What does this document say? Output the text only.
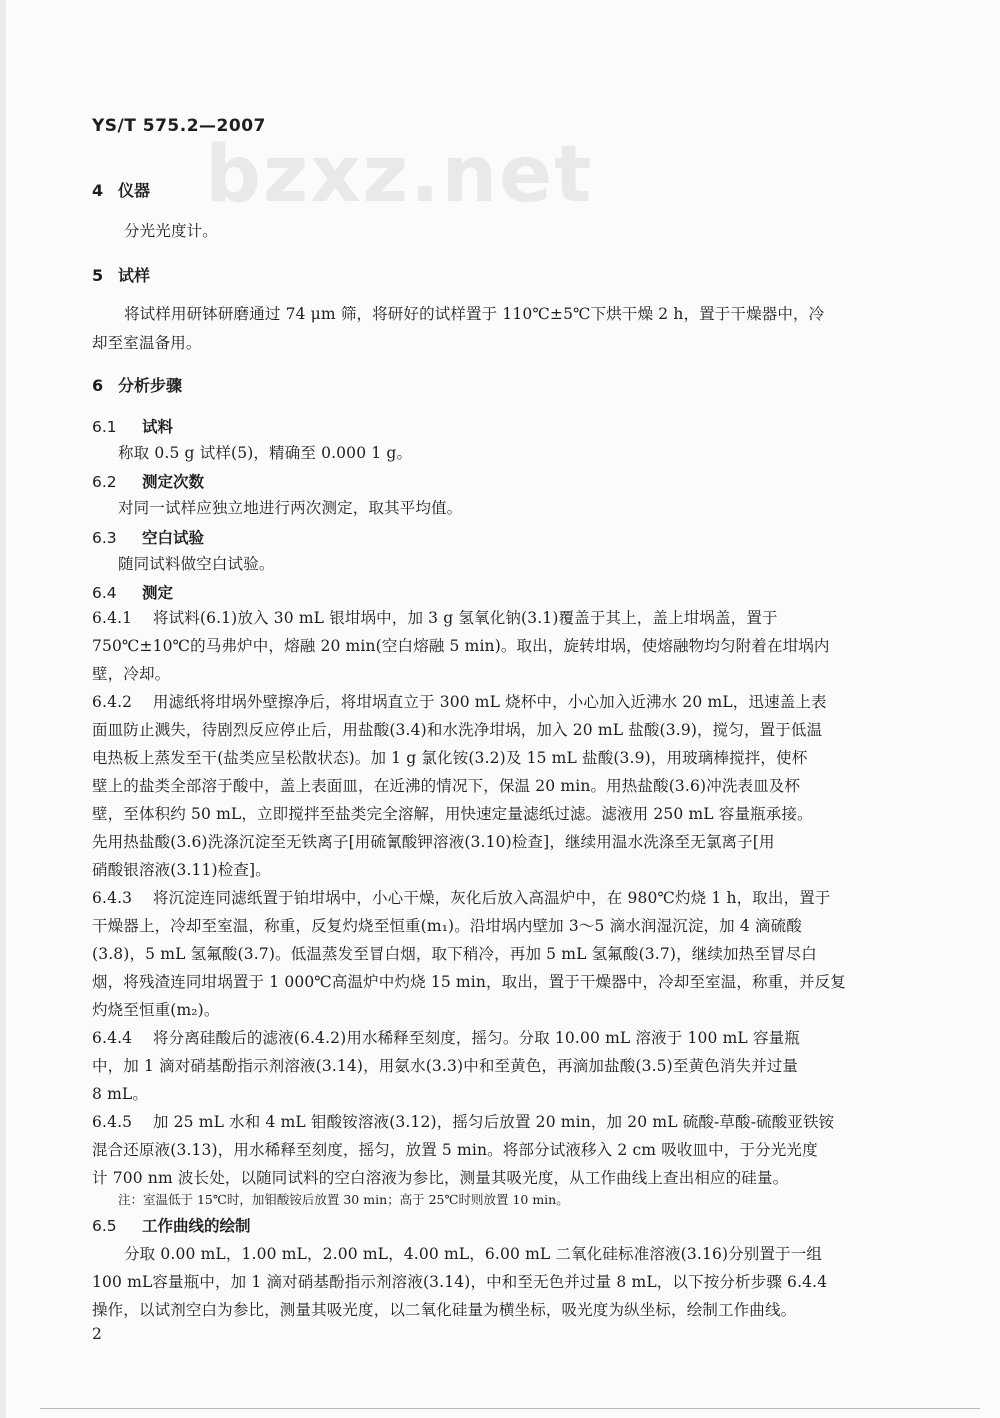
bzxz.net
YS/T 575.2—2007
4 仪器
分光光度计。
5 试样
将试样用研钵研磨通过 74 μm 筛，将研好的试样置于 110℃±5℃下烘干燥 2 h，置于干燥器中，冷
却至室温备用。
6 分析步骤
6.1 试料
称取 0.5 g 试样(5)，精确至 0.000 1 g。
6.2 测定次数
对同一试样应独立地进行两次测定，取其平均值。
6.3 空白试验
随同试料做空白试验。
6.4 测定
6.4.1　 将试料(6.1)放入 30 mL 银坩埚中，加 3 g 氢氧化钠(3.1)覆盖于其上，盖上坩埚盖，置于
750℃±10℃的马弗炉中，熔融 20 min(空白熔融 5 min)。取出，旋转坩埚，使熔融物均匀附着在坩埚内
壁，冷却。
6.4.2　 用滤纸将坩埚外壁擦净后，将坩埚直立于 300 mL 烧杯中，小心加入近沸水 20 mL，迅速盖上表
面皿防止溅失，待剧烈反应停止后，用盐酸(3.4)和水洗净坩埚，加入 20 mL 盐酸(3.9)，搅匀，置于低温
电热板上蒸发至干(盐类应呈松散状态)。加 1 g 氯化铵(3.2)及 15 mL 盐酸(3.9)，用玻璃棒搅拌，使杯
壁上的盐类全部溶于酸中，盖上表面皿，在近沸的情况下，保温 20 min。用热盐酸(3.6)冲洗表皿及杯
壁，至体积约 50 mL，立即搅拌至盐类完全溶解，用快速定量滤纸过滤。滤液用 250 mL 容量瓶承接。
先用热盐酸(3.6)洗涤沉淀至无铁离子[用硫氰酸钾溶液(3.10)检查]，继续用温水洗涤至无氯离子[用
硝酸银溶液(3.11)检查]。
6.4.3　 将沉淀连同滤纸置于铂坩埚中，小心干燥，灰化后放入高温炉中，在 980℃灼烧 1 h，取出，置于
干燥器上，冷却至室温，称重，反复灼烧至恒重(m₁)。沿坩埚内壁加 3～5 滴水润湿沉淀，加 4 滴硫酸
(3.8)，5 mL 氢氟酸(3.7)。低温蒸发至冒白烟，取下稍冷，再加 5 mL 氢氟酸(3.7)，继续加热至冒尽白
烟，将残渣连同坩埚置于 1 000℃高温炉中灼烧 15 min，取出，置于干燥器中，冷却至室温，称重，并反复
灼烧至恒重(m₂)。
6.4.4　 将分离硅酸后的滤液(6.4.2)用水稀释至刻度，摇匀。分取 10.00 mL 溶液于 100 mL 容量瓶
中，加 1 滴对硝基酚指示剂溶液(3.14)，用氨水(3.3)中和至黄色，再滴加盐酸(3.5)至黄色消失并过量
8 mL。
6.4.5　 加 25 mL 水和 4 mL 钼酸铵溶液(3.12)，摇匀后放置 20 min，加 20 mL 硫酸-草酸-硫酸亚铁铵
混合还原液(3.13)，用水稀释至刻度，摇匀，放置 5 min。将部分试液移入 2 cm 吸收皿中，于分光光度
计 700 nm 波长处，以随同试料的空白溶液为参比，测量其吸光度，从工作曲线上查出相应的硅量。
注：室温低于 15℃时，加钼酸铵后放置 30 min；高于 25℃时则放置 10 min。
6.5 工作曲线的绘制
分取 0.00 mL，1.00 mL，2.00 mL，4.00 mL，6.00 mL 二氧化硅标准溶液(3.16)分别置于一组
100 mL容量瓶中，加 1 滴对硝基酚指示剂溶液(3.14)，中和至无色并过量 8 mL，以下按分析步骤 6.4.4
操作，以试剂空白为参比，测量其吸光度，以二氧化硅量为横坐标，吸光度为纵坐标，绘制工作曲线。
2
